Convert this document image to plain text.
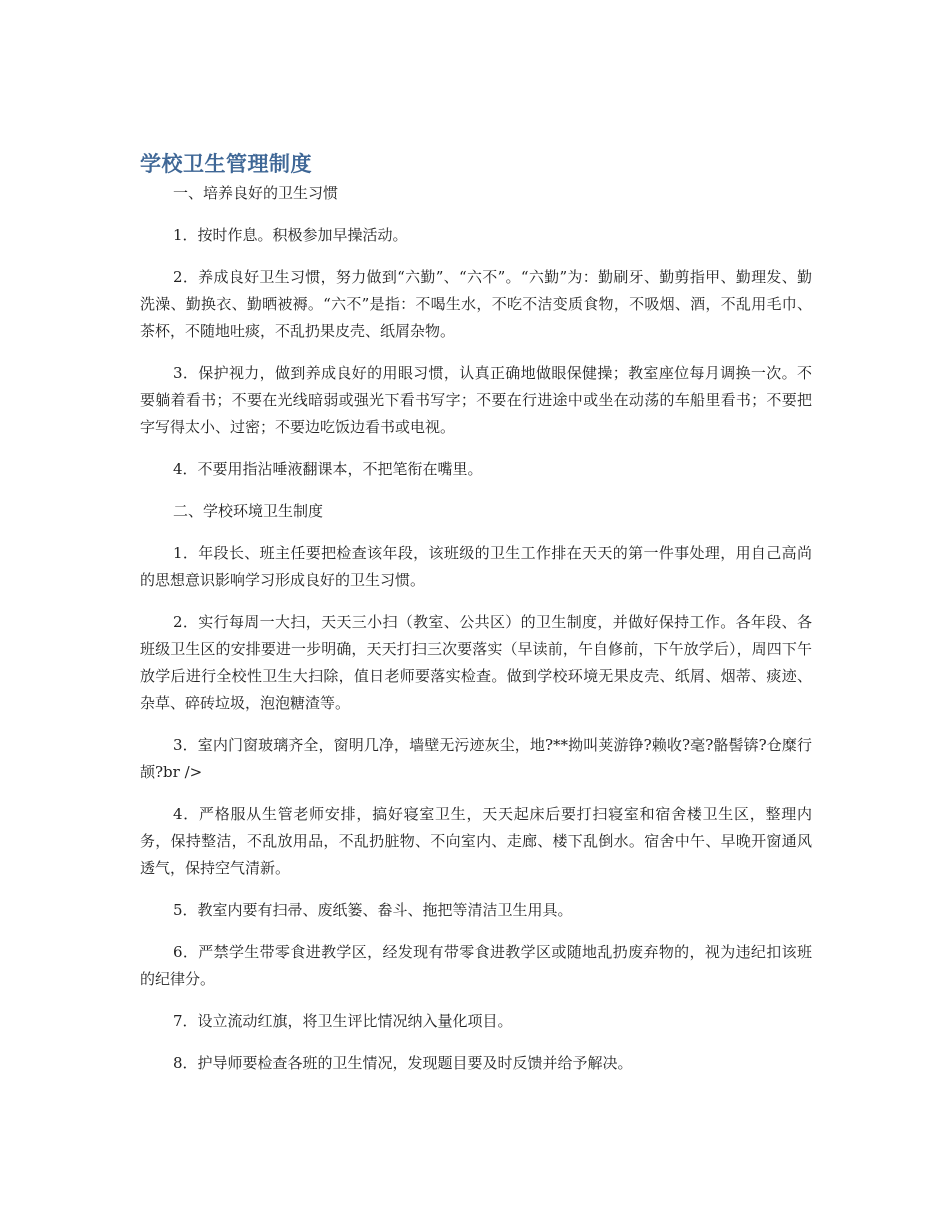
学校卫生管理制度

一、培养良好的卫生习惯

1．按时作息。积极参加早操活动。

2．养成良好卫生习惯，努力做到“六勤”、“六不”。“六勤”为：勤刷牙、勤剪指甲、勤理发、勤洗澡、勤换衣、勤晒被褥。“六不”是指：不喝生水，不吃不洁变质食物，不吸烟、酒，不乱用毛巾、茶杯，不随地吐痰，不乱扔果皮壳、纸屑杂物。

3．保护视力，做到养成良好的用眼习惯，认真正确地做眼保健操；教室座位每月调换一次。不要躺着看书；不要在光线暗弱或强光下看书写字；不要在行进途中或坐在动荡的车船里看书；不要把字写得太小、过密；不要边吃饭边看书或电视。

4．不要用指沾唾液翻课本，不把笔衔在嘴里。

二、学校环境卫生制度

1．年段长、班主任要把检查该年段，该班级的卫生工作排在天天的第一件事处理，用自己高尚的思想意识影响学习形成良好的卫生习惯。

2．实行每周一大扫，天天三小扫（教室、公共区）的卫生制度，并做好保持工作。各年段、各班级卫生区的安排要进一步明确，天天打扫三次要落实（早读前，午自修前，下午放学后），周四下午放学后进行全校性卫生大扫除，值日老师要落实检查。做到学校环境无果皮壳、纸屑、烟蒂、痰迹、杂草、碎砖垃圾，泡泡糖渣等。

3．室内门窗玻璃齐全，窗明几净，墙壁无污迹灰尘，地?**拗叫荚游铮?赖收?毫?骼髻锛?仓糜行颉?br />

4．严格服从生管老师安排，搞好寝室卫生，天天起床后要打扫寝室和宿舍楼卫生区，整理内务，保持整洁，不乱放用品，不乱扔脏物、不向室内、走廊、楼下乱倒水。宿舍中午、早晚开窗通风透气，保持空气清新。

5．教室内要有扫帚、废纸篓、畚斗、拖把等清洁卫生用具。

6．严禁学生带零食进教学区，经发现有带零食进教学区或随地乱扔废弃物的，视为违纪扣该班的纪律分。

7．设立流动红旗，将卫生评比情况纳入量化项目。

8．护导师要检查各班的卫生情况，发现题目要及时反馈并给予解决。
